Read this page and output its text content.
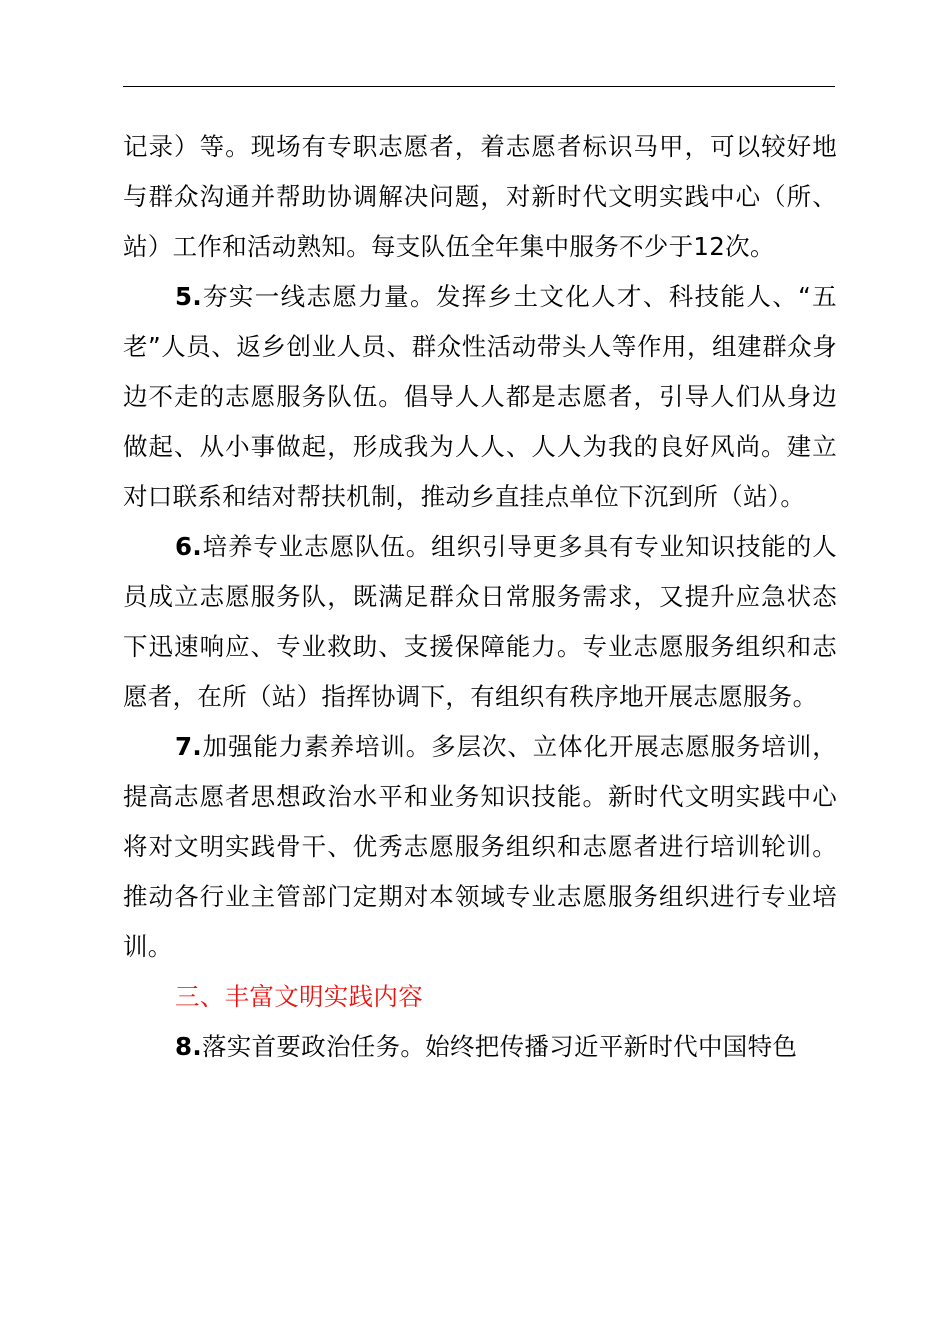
记录）等。现场有专职志愿者，着志愿者标识马甲，可以较好地与群众沟通并帮助协调解决问题，对新时代文明实践中心（所、站）工作和活动熟知。每支队伍全年集中服务不少于12次。

5.夯实一线志愿力量。发挥乡土文化人才、科技能人、“五老”人员、返乡创业人员、群众性活动带头人等作用，组建群众身边不走的志愿服务队伍。倡导人人都是志愿者，引导人们从身边做起、从小事做起，形成我为人人、人人为我的良好风尚。建立对口联系和结对帮扶机制，推动乡直挂点单位下沉到所（站）。

6.培养专业志愿队伍。组织引导更多具有专业知识技能的人员成立志愿服务队，既满足群众日常服务需求，又提升应急状态下迅速响应、专业救助、支援保障能力。专业志愿服务组织和志愿者，在所（站）指挥协调下，有组织有秩序地开展志愿服务。

7.加强能力素养培训。多层次、立体化开展志愿服务培训，提高志愿者思想政治水平和业务知识技能。新时代文明实践中心将对文明实践骨干、优秀志愿服务组织和志愿者进行培训轮训。推动各行业主管部门定期对本领域专业志愿服务组织进行专业培训。

三、丰富文明实践内容

8.落实首要政治任务。始终把传播习近平新时代中国特色
